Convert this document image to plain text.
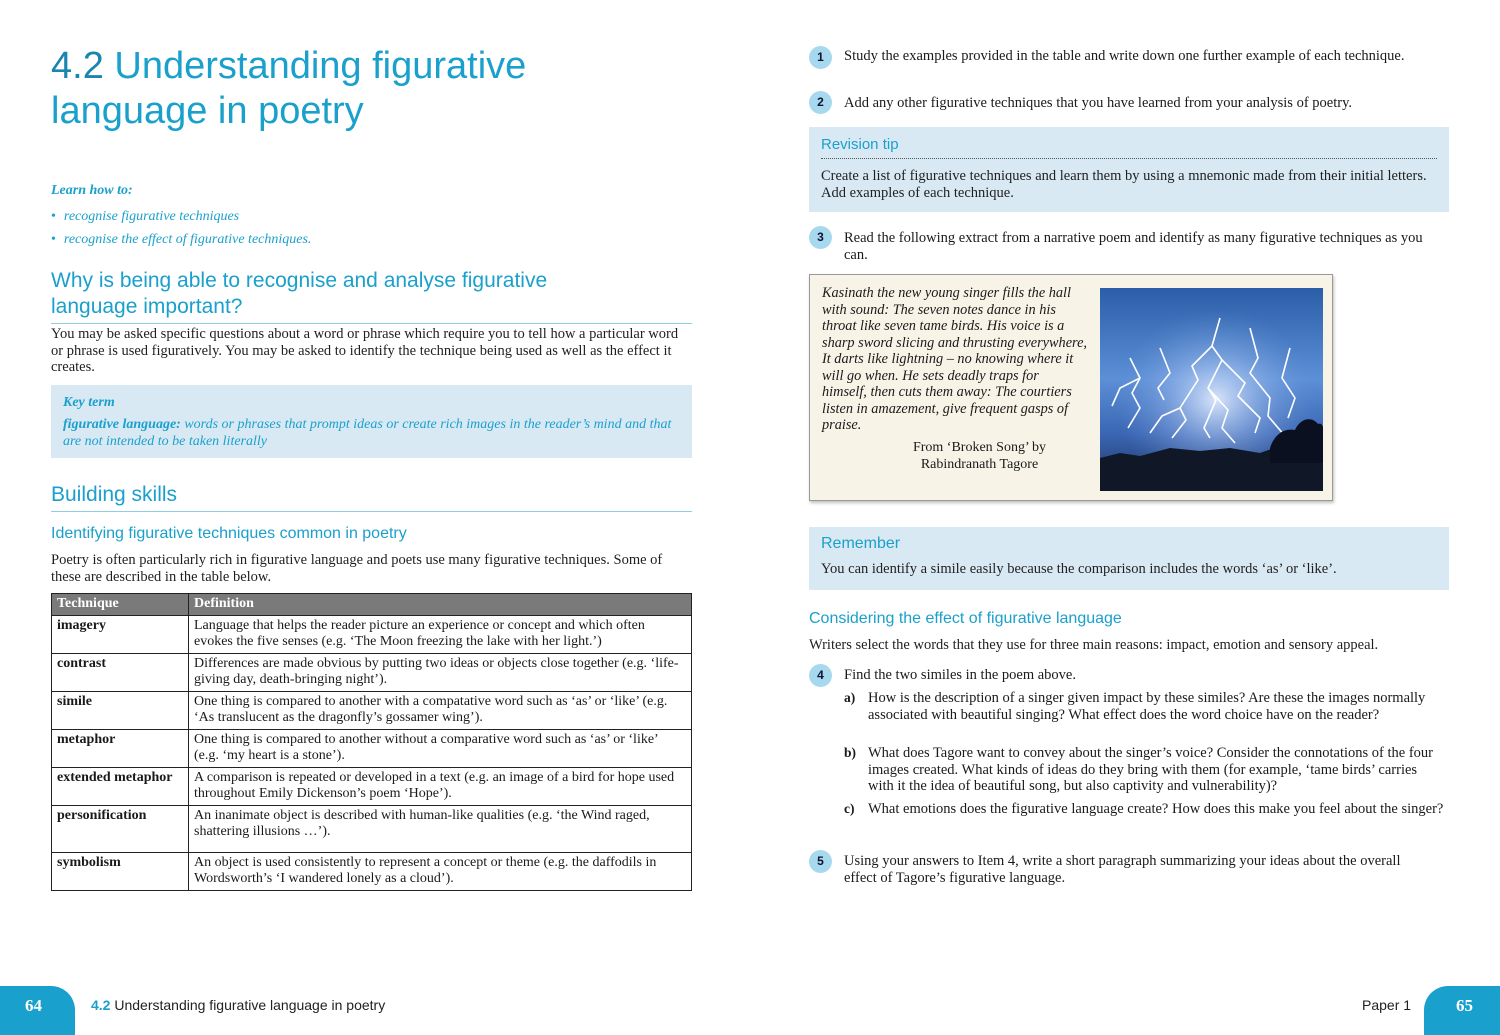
4.2 Understanding figurative language in poetry
Learn how to:
• recognise figurative techniques
• recognise the effect of figurative techniques.
Why is being able to recognise and analyse figurative language important?
You may be asked specific questions about a word or phrase which require you to tell how a particular word or phrase is used figuratively. You may be asked to identify the technique being used as well as the effect it creates.
Key term
figurative language: words or phrases that prompt ideas or create rich images in the reader’s mind and that are not intended to be taken literally
Building skills
Identifying figurative techniques common in poetry
Poetry is often particularly rich in figurative language and poets use many figurative techniques. Some of these are described in the table below.
Technique	Definition
imagery	Language that helps the reader picture an experience or concept and which often evokes the five senses (e.g. ‘The Moon freezing the lake with her light.’)
contrast	Differences are made obvious by putting two ideas or objects close together (e.g. ‘life-giving day, death-bringing night’).
simile	One thing is compared to another with a compatative word such as ‘as’ or ‘like’ (e.g. ‘As translucent as the dragonfly’s gossamer wing’).
metaphor	One thing is compared to another without a comparative word such as ‘as’ or ‘like’ (e.g. ‘my heart is a stone’).
extended metaphor	A comparison is repeated or developed in a text (e.g. an image of a bird for hope used throughout Emily Dickenson’s poem ‘Hope’).
personification	An inanimate object is described with human-like qualities (e.g. ‘the Wind raged, shattering illusions …’).
symbolism	An object is used consistently to represent a concept or theme (e.g. the daffodils in Wordsworth’s ‘I wandered lonely as a cloud’).
64	4.2 Understanding figurative language in poetry
1	Study the examples provided in the table and write down one further example of each technique.
2	Add any other figurative techniques that you have learned from your analysis of poetry.
Revision tip
Create a list of figurative techniques and learn them by using a mnemonic made from their initial letters. Add examples of each technique.
3	Read the following extract from a narrative poem and identify as many figurative techniques as you can.
Kasinath the new young singer fills the hall with sound: The seven notes dance in his throat like seven tame birds. His voice is a sharp sword slicing and thrusting everywhere, It darts like lightning – no knowing where it will go when. He sets deadly traps for himself, then cuts them away: The courtiers listen in amazement, give frequent gasps of praise.
From ‘Broken Song’ by
Rabindranath Tagore
Remember
You can identify a simile easily because the comparison includes the words ‘as’ or ‘like’.
Considering the effect of figurative language
Writers select the words that they use for three main reasons: impact, emotion and sensory appeal.
4	Find the two similes in the poem above.
a) How is the description of a singer given impact by these similes? Are these the images normally associated with beautiful singing? What effect does the word choice have on the reader?
b) What does Tagore want to convey about the singer’s voice? Consider the connotations of the four images created. What kinds of ideas do they bring with them (for example, ‘tame birds’ carries with it the idea of beautiful song, but also captivity and vulnerability)?
c) What emotions does the figurative language create? How does this make you feel about the singer?
5	Using your answers to Item 4, write a short paragraph summarizing your ideas about the overall effect of Tagore’s figurative language.
Paper 1	65
